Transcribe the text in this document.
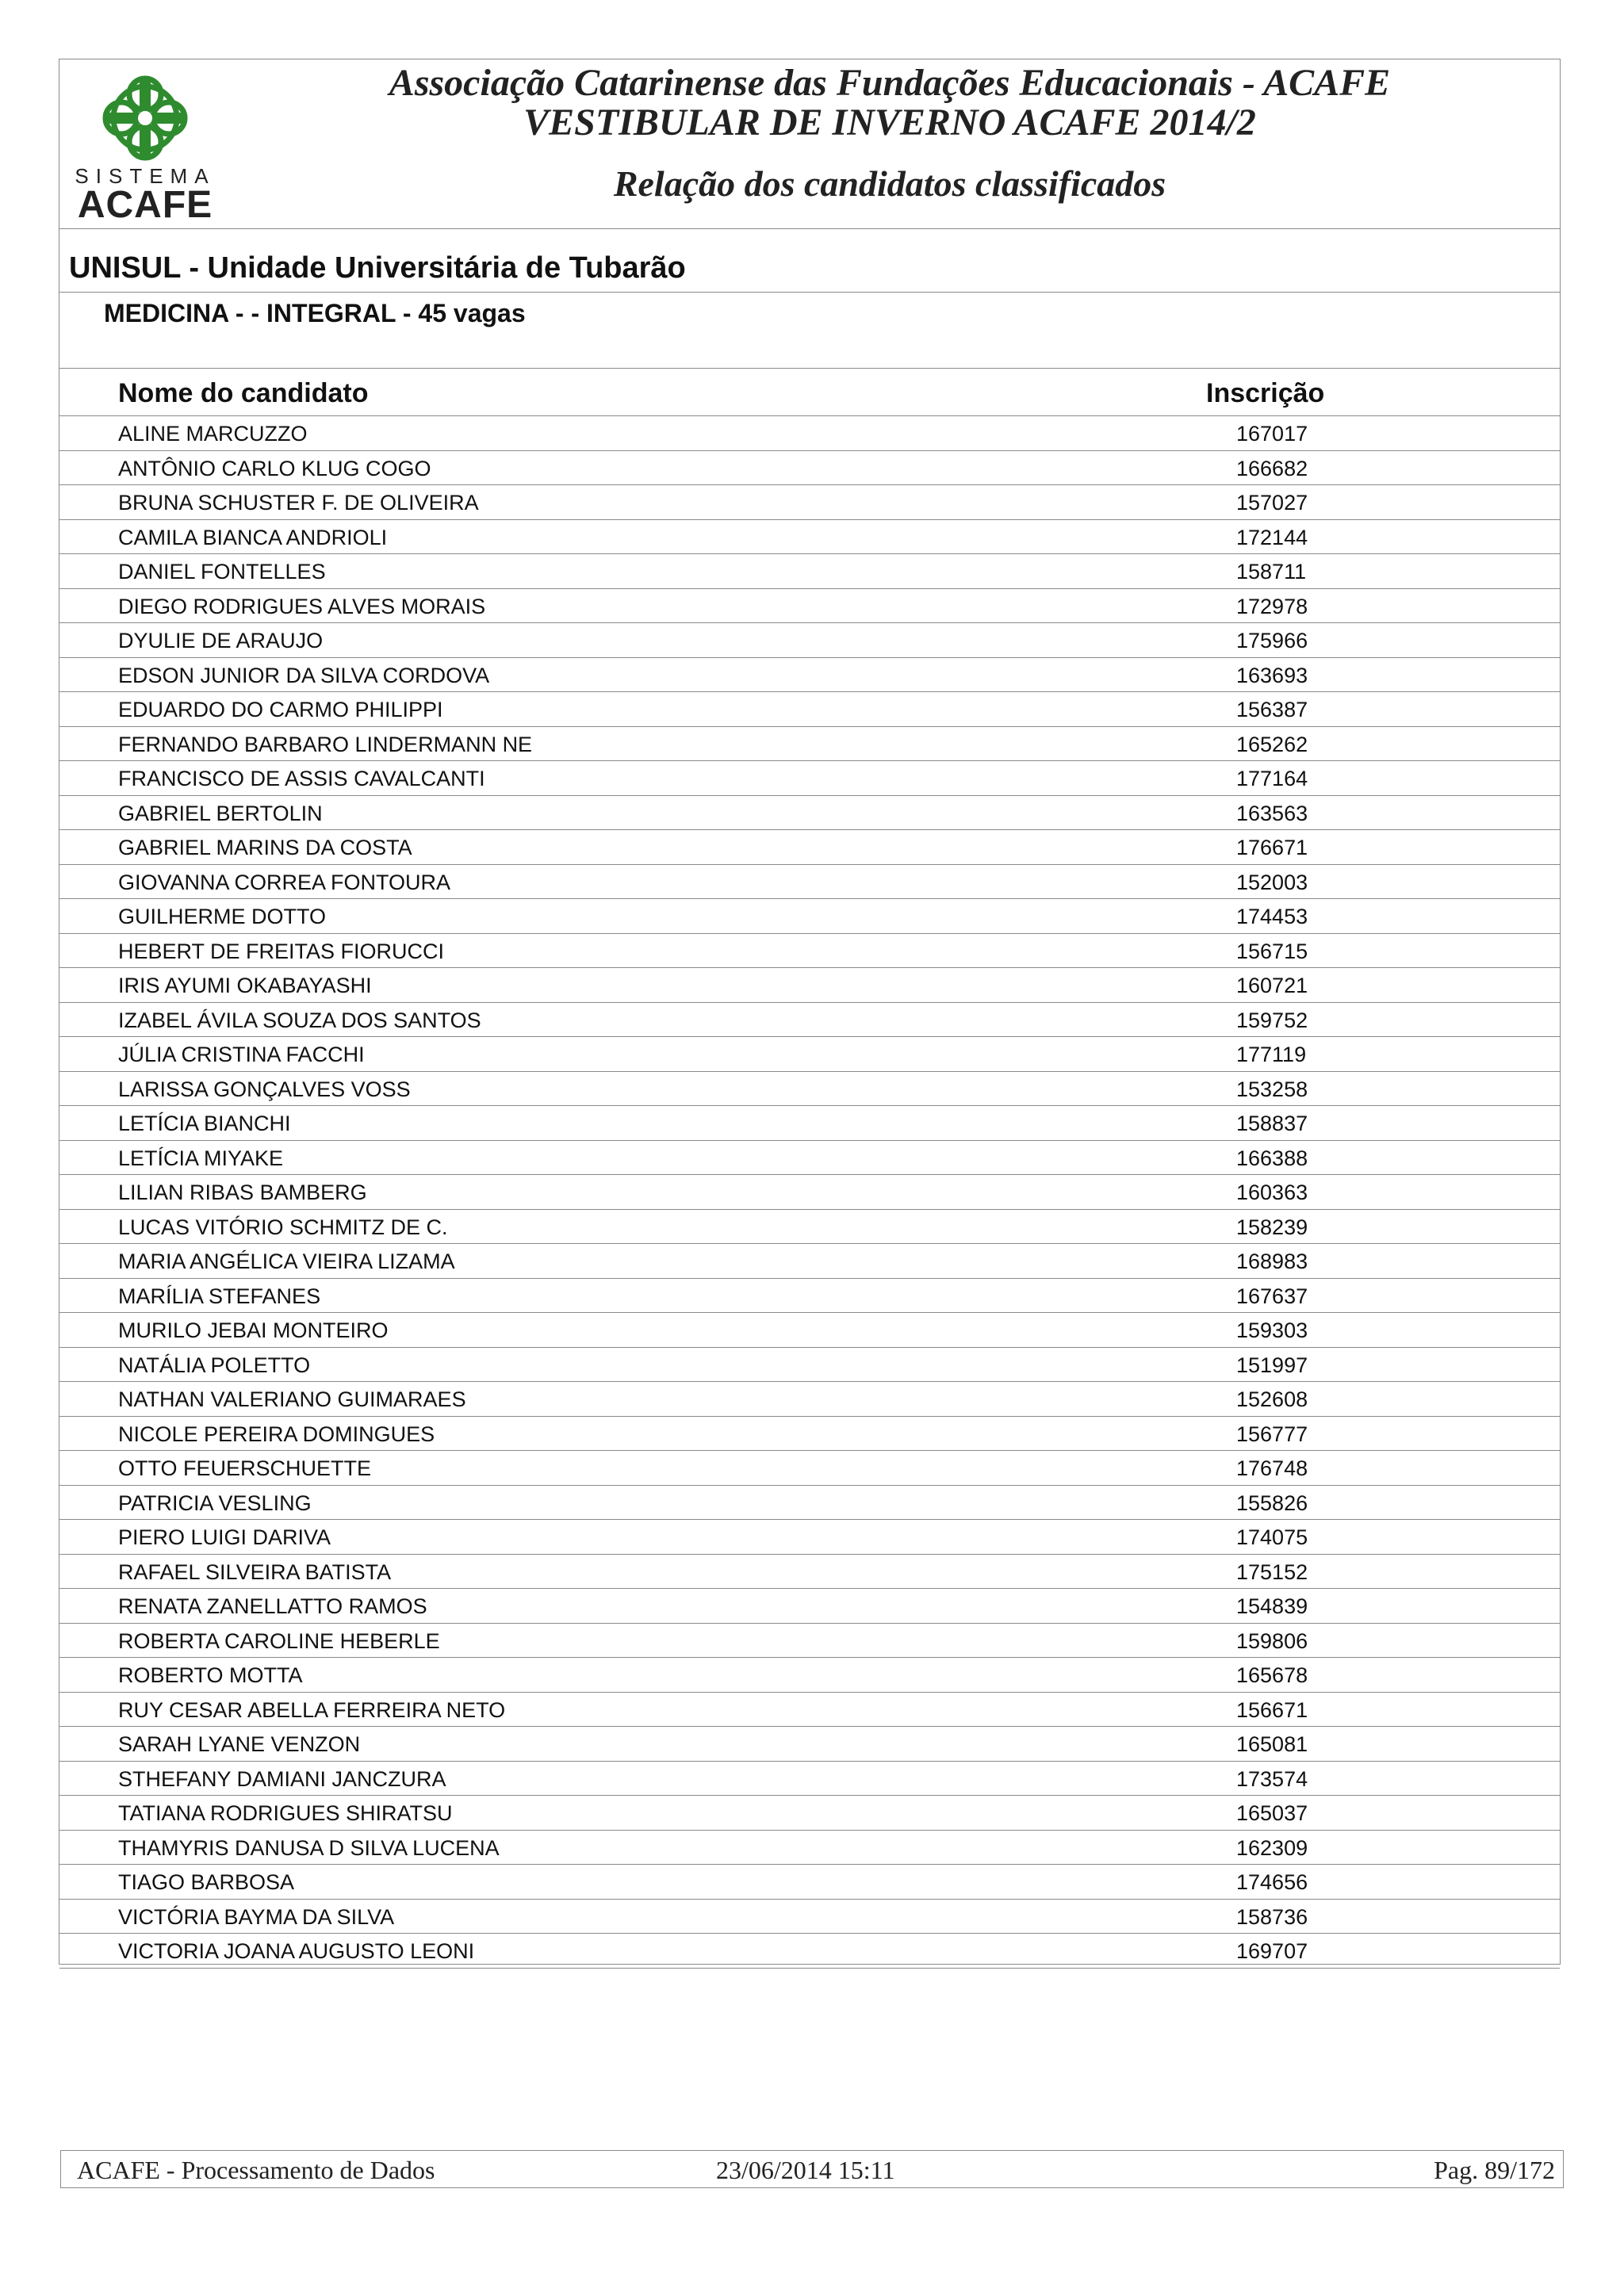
SISTEMA
ACAFE
Associação Catarinense das Fundações Educacionais - ACAFE
VESTIBULAR DE INVERNO ACAFE 2014/2
Relação dos candidatos classificados
UNISUL - Unidade Universitária de Tubarão
MEDICINA - - INTEGRAL - 45 vagas
Nome do candidato	Inscrição
ALINE MARCUZZO	167017
ANTÔNIO CARLO KLUG COGO	166682
BRUNA SCHUSTER F. DE OLIVEIRA	157027
CAMILA BIANCA ANDRIOLI	172144
DANIEL FONTELLES	158711
DIEGO RODRIGUES ALVES MORAIS	172978
DYULIE DE ARAUJO	175966
EDSON JUNIOR DA SILVA CORDOVA	163693
EDUARDO DO CARMO PHILIPPI	156387
FERNANDO BARBARO LINDERMANN NE	165262
FRANCISCO DE ASSIS CAVALCANTI	177164
GABRIEL BERTOLIN	163563
GABRIEL MARINS DA COSTA	176671
GIOVANNA CORREA FONTOURA	152003
GUILHERME DOTTO	174453
HEBERT DE FREITAS FIORUCCI	156715
IRIS AYUMI OKABAYASHI	160721
IZABEL ÁVILA SOUZA DOS SANTOS	159752
JÚLIA CRISTINA FACCHI	177119
LARISSA GONÇALVES VOSS	153258
LETÍCIA BIANCHI	158837
LETÍCIA MIYAKE	166388
LILIAN RIBAS BAMBERG	160363
LUCAS VITÓRIO SCHMITZ DE C.	158239
MARIA ANGÉLICA VIEIRA LIZAMA	168983
MARÍLIA STEFANES	167637
MURILO JEBAI MONTEIRO	159303
NATÁLIA POLETTO	151997
NATHAN VALERIANO GUIMARAES	152608
NICOLE PEREIRA DOMINGUES	156777
OTTO FEUERSCHUETTE	176748
PATRICIA VESLING	155826
PIERO LUIGI DARIVA	174075
RAFAEL SILVEIRA BATISTA	175152
RENATA ZANELLATTO RAMOS	154839
ROBERTA CAROLINE HEBERLE	159806
ROBERTO MOTTA	165678
RUY CESAR ABELLA FERREIRA NETO	156671
SARAH LYANE VENZON	165081
STHEFANY DAMIANI JANCZURA	173574
TATIANA RODRIGUES SHIRATSU	165037
THAMYRIS DANUSA D SILVA LUCENA	162309
TIAGO BARBOSA	174656
VICTÓRIA BAYMA DA SILVA	158736
VICTORIA JOANA AUGUSTO LEONI	169707
ACAFE - Processamento de Dados	23/06/2014 15:11	Pag. 89/172
